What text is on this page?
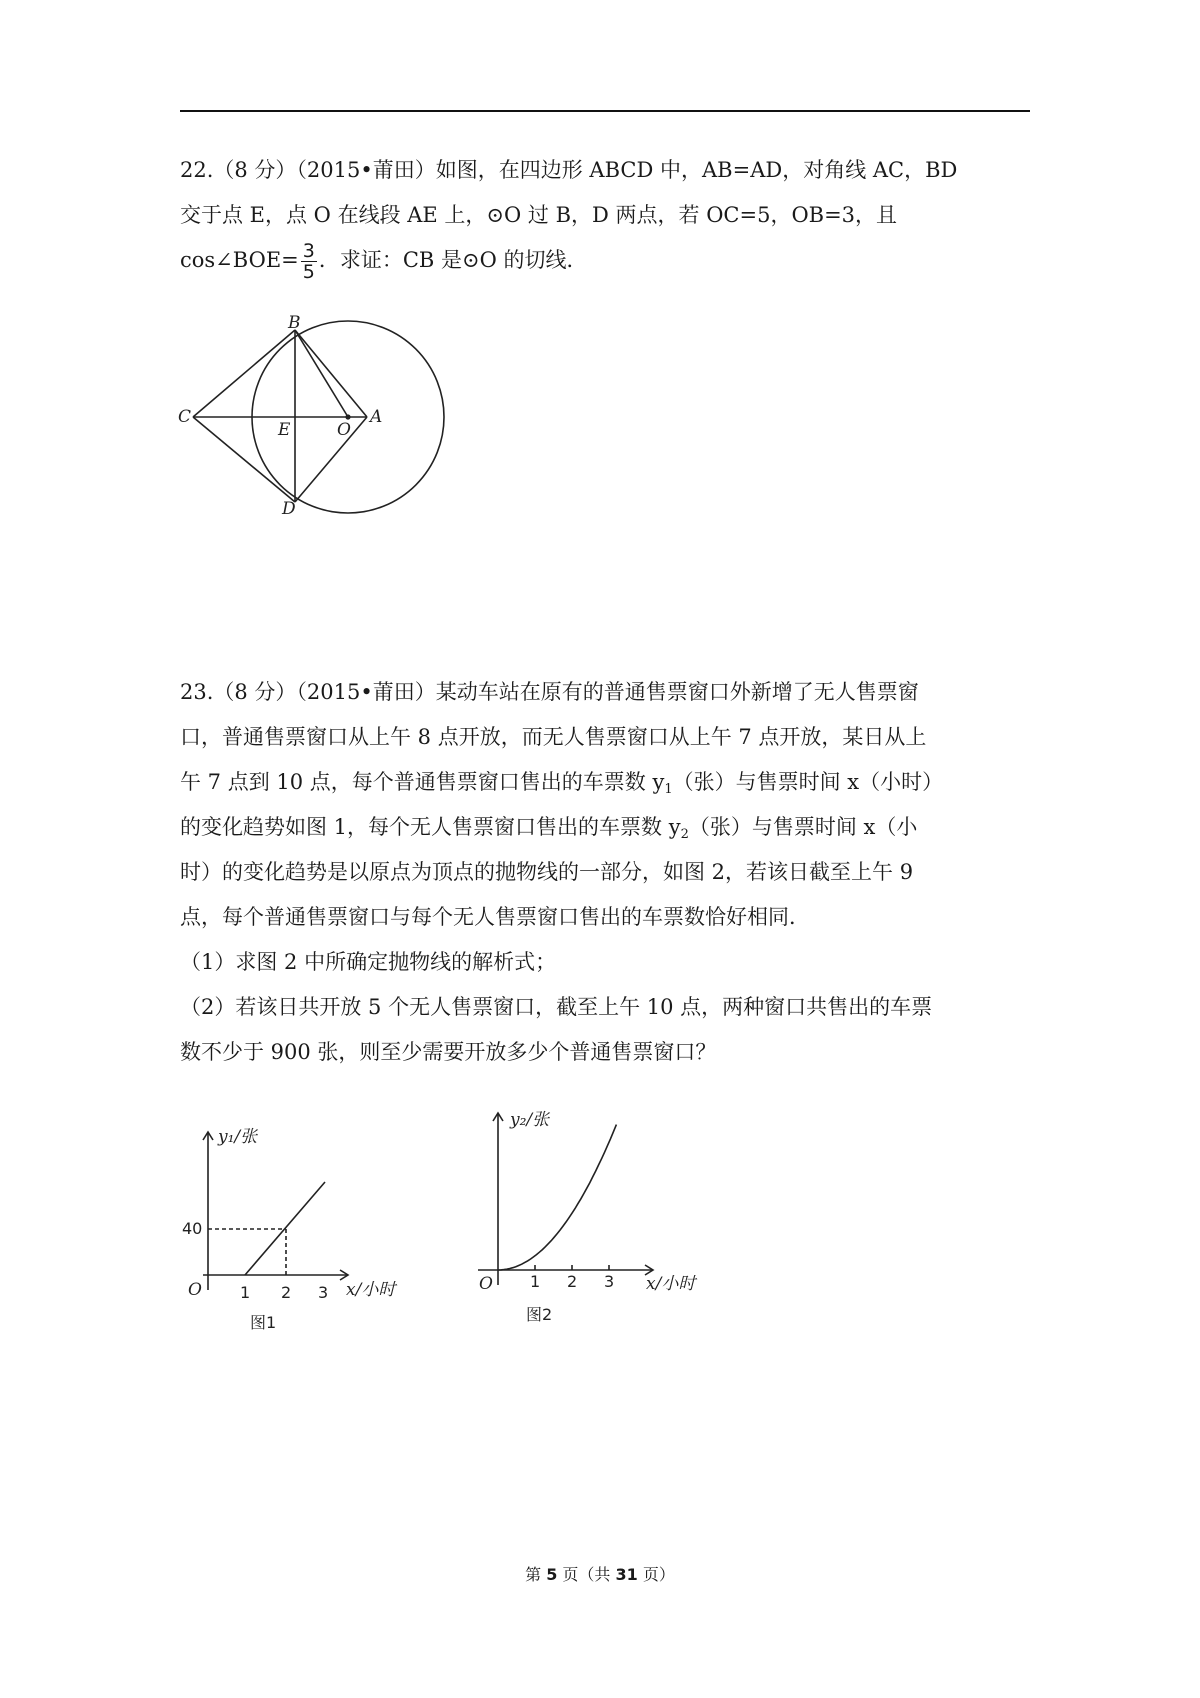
22.（8 分）（2015•莆田）如图，在四边形 ABCD 中，AB=AD，对角线 AC，BD
交于点 E，点 O 在线段 AE 上，⊙O 过 B，D 两点，若 OC=5，OB=3，且
cos∠BOE= $\frac{3}{5}$ ．求证：CB 是⊙O 的切线．
B
C
E	O
A
D
23.（8 分）（2015•莆田）某动车站在原有的普通售票窗口外新增了无人售票窗
口，普通售票窗口从上午 8 点开放，而无人售票窗口从上午 7 点开放，某日从上
午 7 点到 10 点，每个普通售票窗口售出的车票数 $y_1$（张）与售票时间 x（小时）
的变化趋势如图 1，每个无人售票窗口售出的车票数 $y_2$（张）与售票时间 x（小
时）的变化趋势是以原点为顶点的抛物线的一部分，如图 2，若该日截至上午 9
点，每个普通售票窗口与每个无人售票窗口售出的车票数恰好相同．
（1）求图 2 中所确定抛物线的解析式；
（2）若该日共开放 5 个无人售票窗口，截至上午 10 点，两种窗口共售出的车票
数不少于 900 张，则至少需要开放多少个普通售票窗口？
y₁/张
40
O 1 2 3 x/小时
图1
y₂/张
O 1 2 3 x/小时
图2
第 5 页（共 31 页）
